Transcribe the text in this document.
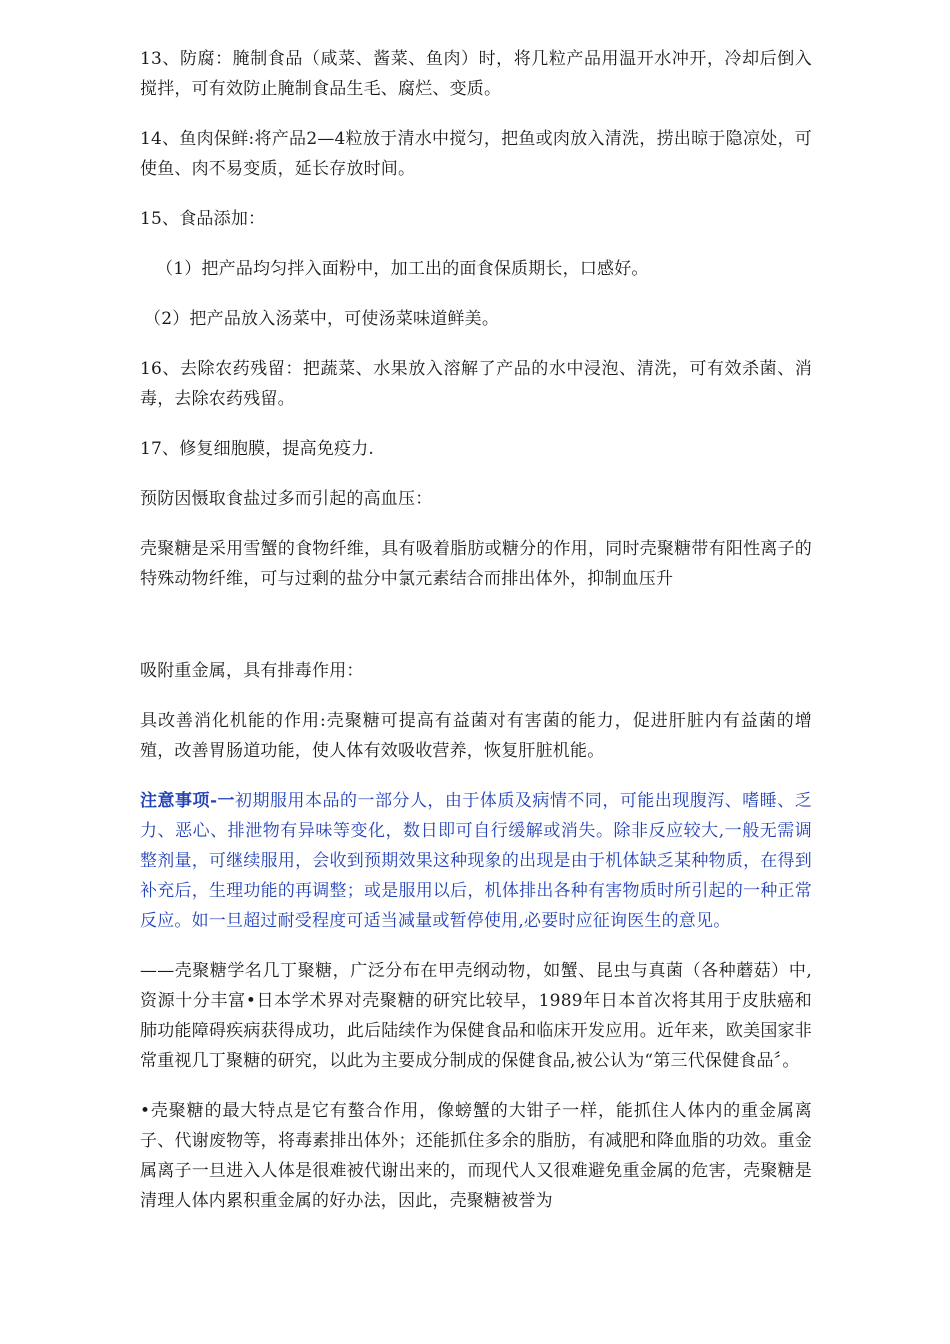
13、防腐：腌制食品（咸菜、酱菜、鱼肉）时，将几粒产品用温开水冲开，冷却后倒入搅拌，可有效防止腌制食品生毛、腐烂、变质。

14、鱼肉保鲜:将产品2—4粒放于清水中搅匀，把鱼或肉放入清洗，捞出晾于隐凉处，可使鱼、肉不易变质，延长存放时间。

15、食品添加：

（1）把产品均匀拌入面粉中，加工出的面食保质期长，口感好。

（2）把产品放入汤菜中，可使汤菜味道鲜美。

16、去除农药残留：把蔬菜、水果放入溶解了产品的水中浸泡、清洗，可有效杀菌、消毒，去除农药残留。

17、修复细胞膜，提高免疫力.

预防因慑取食盐过多而引起的高血压：

壳聚糖是采用雪蟹的食物纤维，具有吸着脂肪或糖分的作用，同时壳聚糖带有阳性离子的特殊动物纤维，可与过剩的盐分中氯元素结合而排出体外，抑制血压升

吸附重金属，具有排毒作用：

具改善消化机能的作用:壳聚糖可提高有益菌对有害菌的能力，促进肝脏内有益菌的增殖，改善胃肠道功能，使人体有效吸收营养，恢复肝脏机能。

注意事项-一初期服用本品的一部分人，由于体质及病情不同，可能出现腹泻、嗜睡、乏力、恶心、排泄物有异味等变化，数日即可自行缓解或消失。除非反应较大,一般无需调整剂量，可继续服用，会收到预期效果这种现象的出现是由于机体缺乏某种物质，在得到补充后，生理功能的再调整；或是服用以后，机体排出各种有害物质时所引起的一种正常反应。如一旦超过耐受程度可适当减量或暂停使用,必要时应征询医生的意见。

——壳聚糖学名几丁聚糖，广泛分布在甲壳纲动物，如蟹、昆虫与真菌（各种蘑菇）中,资源十分丰富•日本学术界对壳聚糖的研究比较早，1989年日本首次将其用于皮肤癌和肺功能障碍疾病获得成功，此后陆续作为保健食品和临床开发应用。近年来，欧美国家非常重视几丁聚糖的研究，以此为主要成分制成的保健食品,被公认为“第三代保健食品〞。

•壳聚糖的最大特点是它有螯合作用，像螃蟹的大钳子一样，能抓住人体内的重金属离子、代谢废物等，将毒素排出体外；还能抓住多余的脂肪，有减肥和降血脂的功效。重金属离子一旦进入人体是很难被代谢出来的，而现代人又很难避免重金属的危害，壳聚糖是清理人体内累积重金属的好办法，因此，壳聚糖被誉为
